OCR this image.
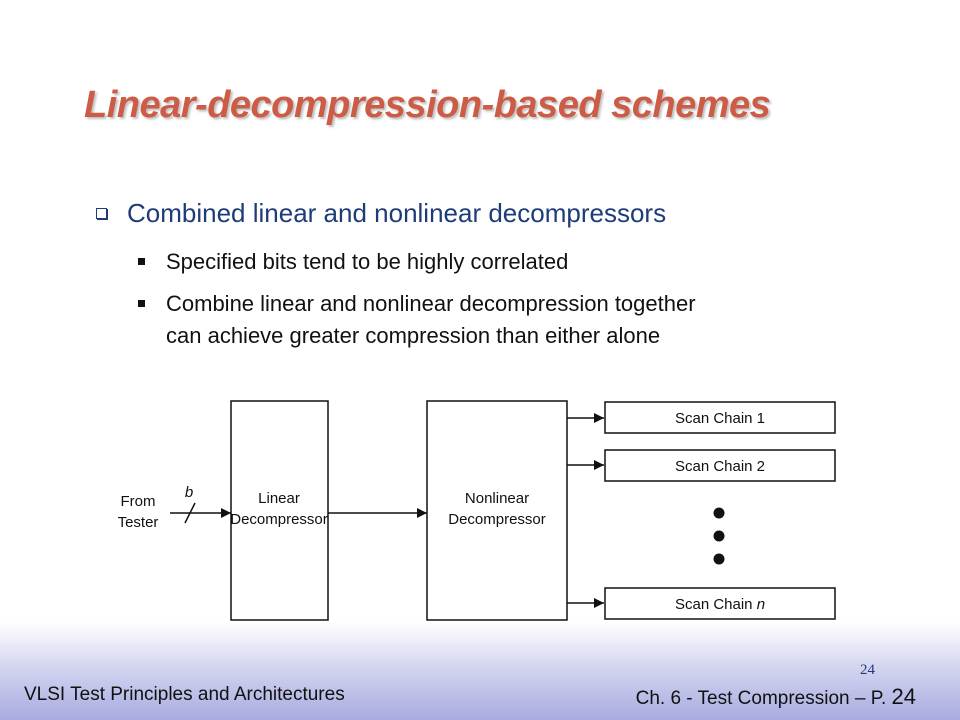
Linear-decompression-based schemes
Combined linear and nonlinear decompressors
Specified bits tend to be highly correlated
Combine linear and nonlinear decompression together
can achieve greater compression than either alone
From
Tester
b	Linear
Decompressor
Nonlinear
Decompressor
Scan Chain 1
Scan Chain 2
Scan Chain n
24
VLSI Test Principles and Architectures	Ch. 6 - Test Compression – P. 24
